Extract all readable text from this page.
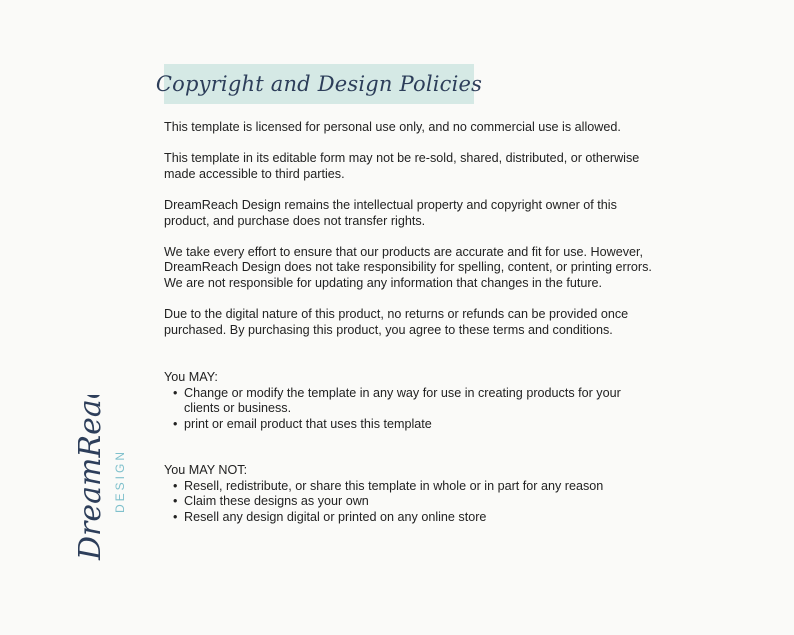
Copyright and Design Policies

This template is licensed for personal use only, and no commercial use is allowed.

This template in its editable form may not be re-sold, shared, distributed, or otherwise made accessible to third parties.

DreamReach Design remains the intellectual property and copyright owner of this product, and purchase does not transfer rights.

We take every effort to ensure that our products are accurate and fit for use. However, DreamReach Design does not take responsibility for spelling, content, or printing errors. We are not responsible for updating any information that changes in the future.

Due to the digital nature of this product, no returns or refunds can be provided once purchased. By purchasing this product, you agree to these terms and conditions.

You MAY:

• Change or modify the template in any way for use in creating products for your clients or business.
• print or email product that uses this template

You MAY NOT:

• Resell, redistribute, or share this template in whole or in part for any reason
• Claim these designs as your own
• Resell any design digital or printed on any online store
DreamReach DESIGN
